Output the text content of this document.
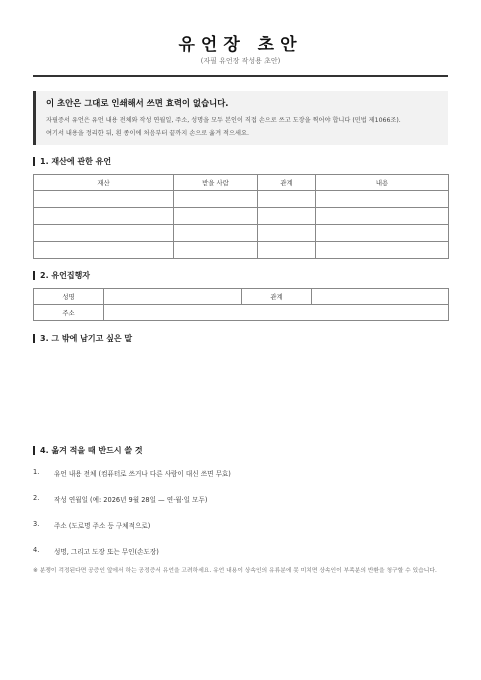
유언장 초안
(자필 유언장 작성용 초안)
이 초안은 그대로 인쇄해서 쓰면 효력이 없습니다.
자필증서 유언은 유언 내용 전체와 작성 연월일, 주소, 성명을 모두 본인이 직접 손으로 쓰고 도장을 찍어야 합니다 (민법 제1066조).
여기서 내용을 정리한 뒤, 흰 종이에 처음부터 끝까지 손으로 옮겨 적으세요.
1. 재산에 관한 유언
재산	받을 사람	관계	내용

2. 유언집행자
성명		관계	
주소			
3. 그 밖에 남기고 싶은 말
4. 옮겨 적을 때 반드시 쓸 것
1. 유언 내용 전체 (컴퓨터로 쓰거나 다른 사람이 대신 쓰면 무효)
2. 작성 연월일 (예: 2026년 9월 28일 — 연·월·일 모두)
3. 주소 (도로명 주소 등 구체적으로)
4. 성명, 그리고 도장 또는 무인(손도장)
※ 분쟁이 걱정된다면 공증인 앞에서 하는 공정증서 유언을 고려하세요. 유언 내용이 상속인의 유류분에 못 미치면 상속인이 부족분의 반환을 청구할 수 있습니다.
